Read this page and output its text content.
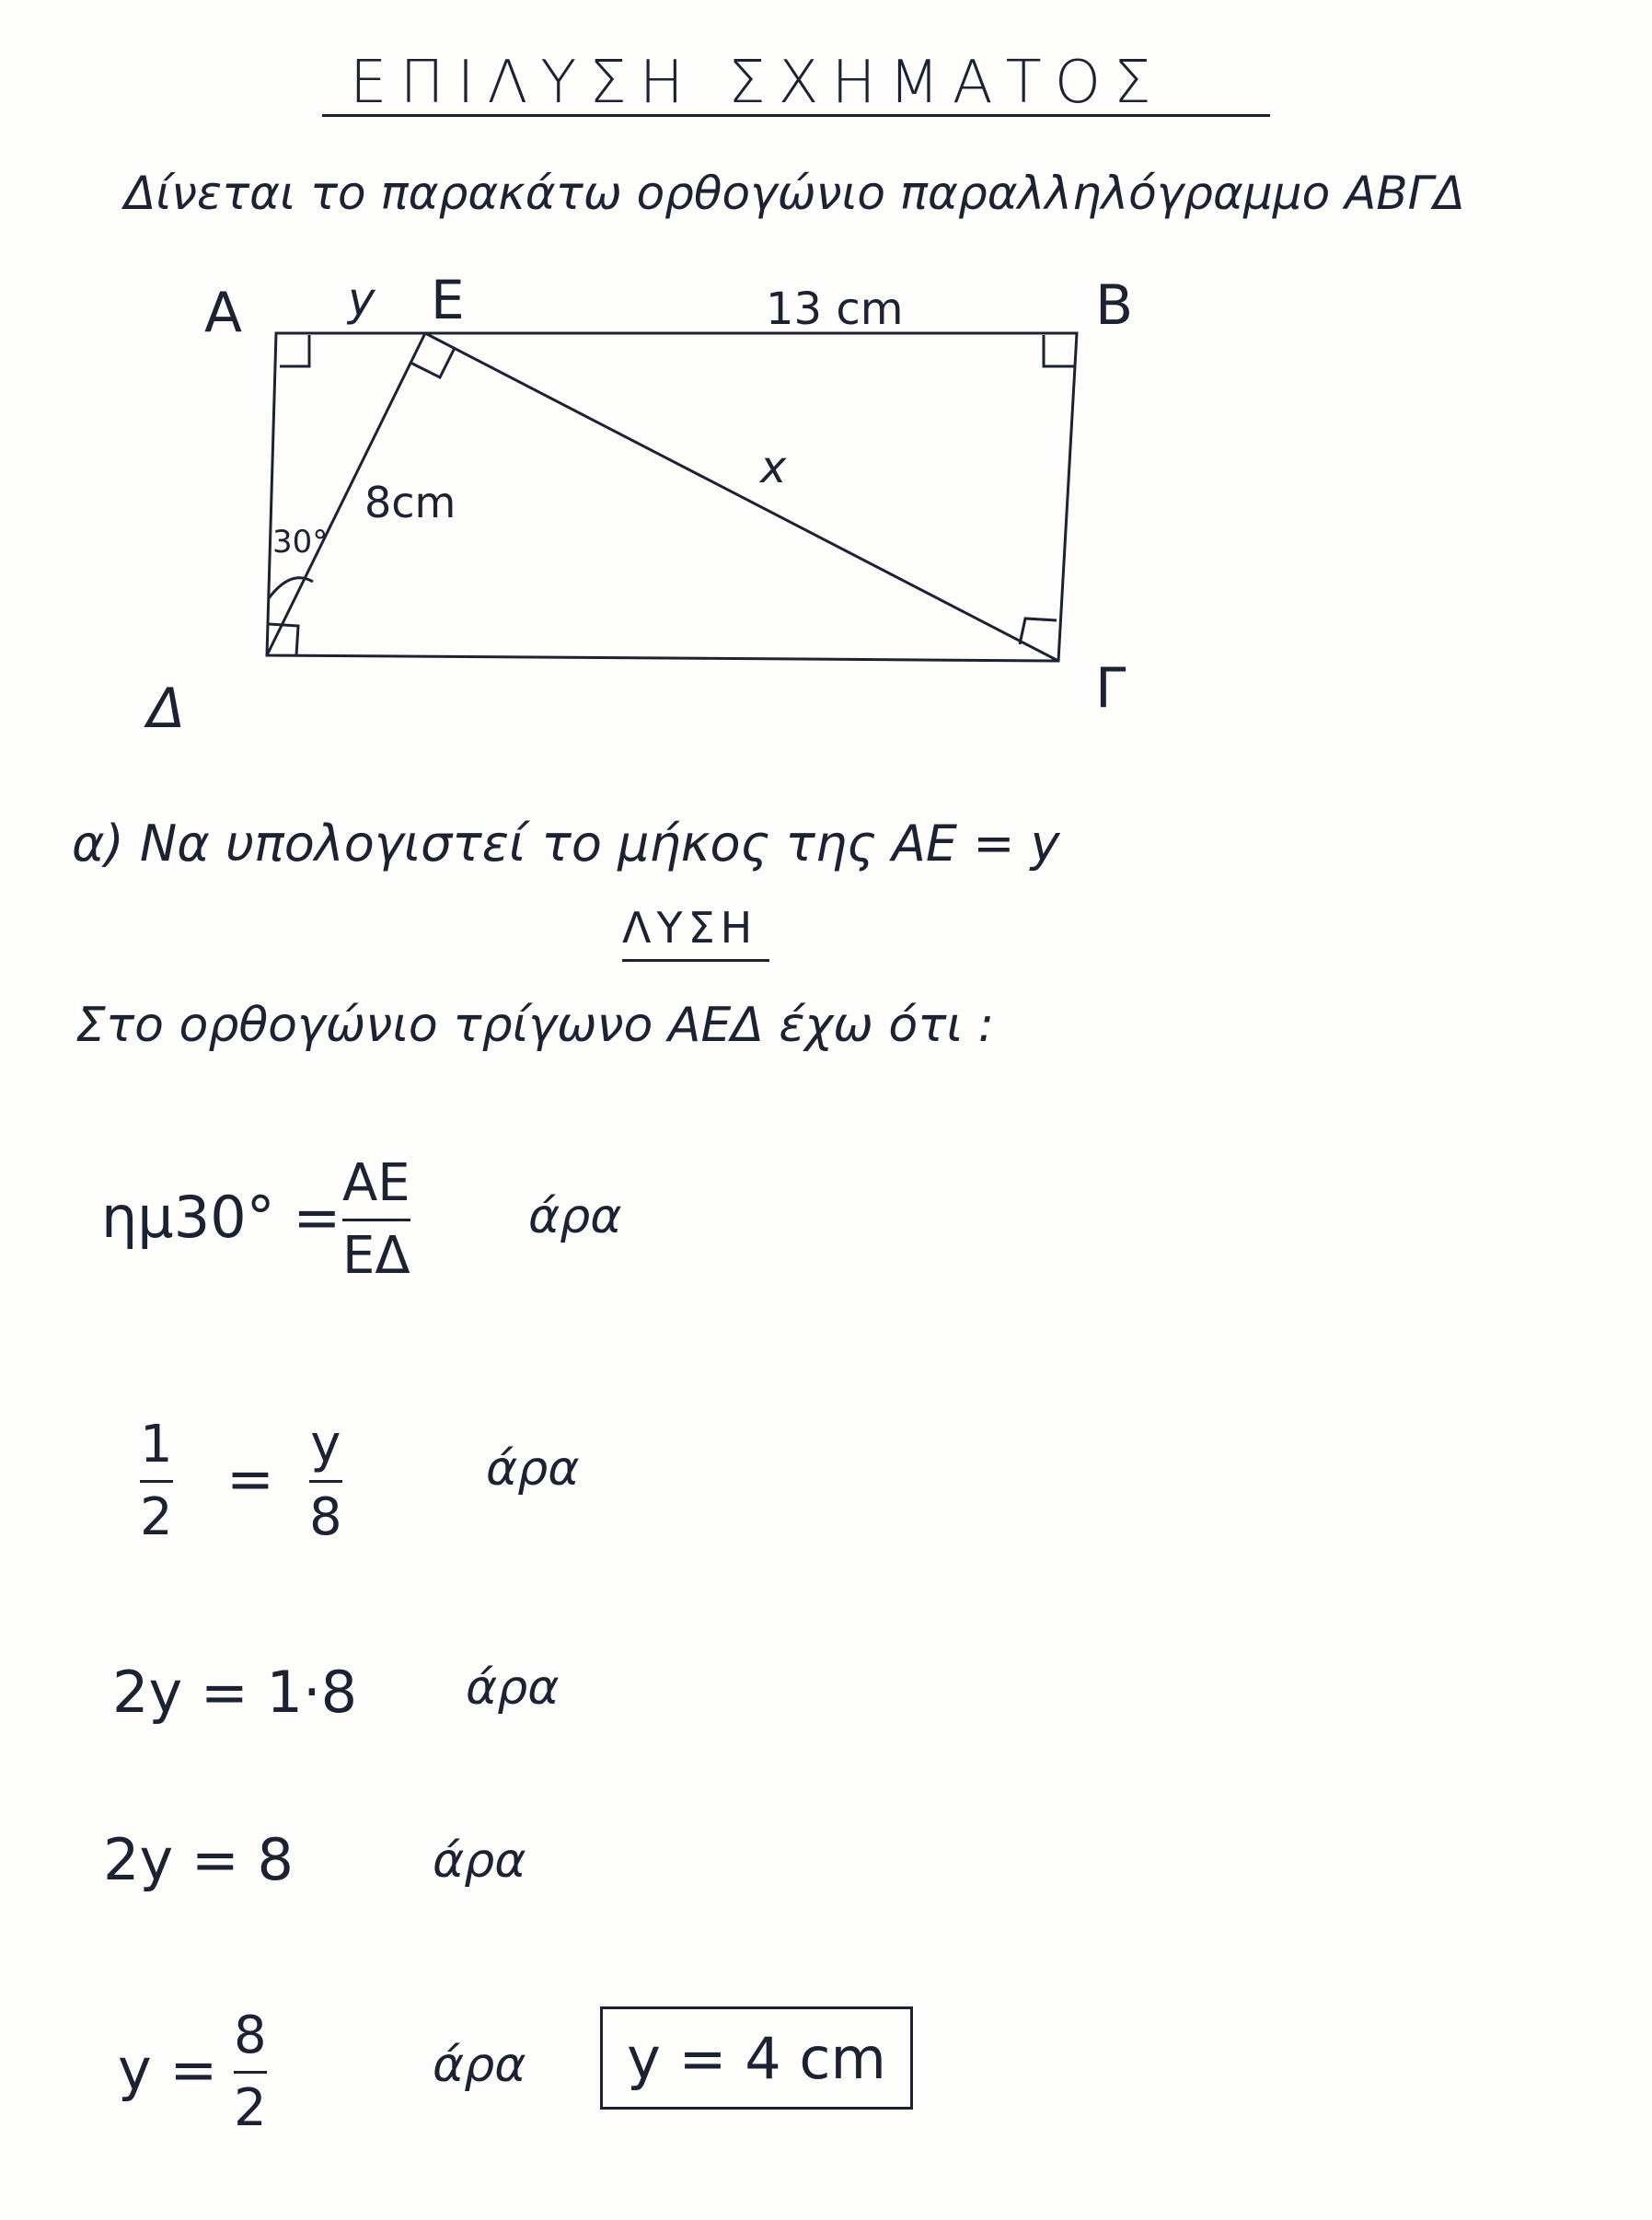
ΕΠΙΛΥΣΗ ΣΧΗΜΑΤΟΣ
Δίνεται το παρακάτω ορθογώνιο παραλληλόγραμμο ΑΒΓΔ
Α y Ε	13 cm	Β
x
8cm
30°
Γ
Δ
α) Να υπολογιστεί το μήκος της ΑΕ = y
ΛΥΣΗ
Στο ορθογώνιο τρίγωνο ΑΕΔ έχω ότι :
ημ30° =
ΑΕ
ΕΔ
άρα
1
2
=
y
8
άρα
2y = 1·8 άρα
2y = 8	άρα
y =
8
2
άρα y = 4 cm
